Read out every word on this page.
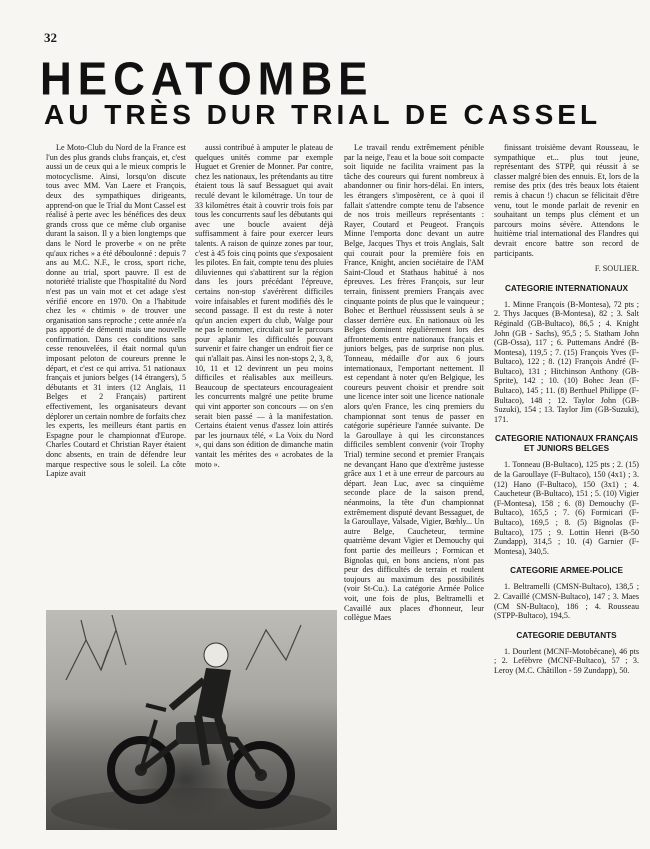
32
HECATOMBE
AU TRÈS DUR TRIAL DE CASSEL

Le Moto-Club du Nord de la France est l'un des plus grands clubs français, et, c'est aussi un de ceux qui a le mieux compris le motocyclisme. Ainsi, lorsqu'on discute tous avec MM. Van Laere et François, deux des sympathiques dirigeants, apprend-on que le Trial du Mont Cassel est réalisé à perte avec les bénéfices des deux grands cross que ce même club organise durant la saison. Il y a bien longtemps que dans le Nord le proverbe « on ne prête qu'aux riches » a été déboulonné : depuis 7 ans au M.C. N.F., le cross, sport riche, donne au trial, sport pauvre. Il est de notoriété trialiste que l'hospitalité du Nord n'est pas un vain mot et cet adage s'est vérifié encore en 1970. On a l'habitude chez les « chtimis » de trouver une organisation sans reproche ; cette année n'a pas apporté de démenti mais une nouvelle confirmation. Dans ces conditions sans cesse renouvelées, il était normal qu'un imposant peloton de coureurs prenne le départ, et c'est ce qui arriva. 51 nationaux français et juniors belges (14 étrangers), 5 débutants et 31 inters (12 Anglais, 11 Belges et 2 Français) partirent effectivement, les organisateurs devant déplorer un certain nombre de forfaits chez les experts, les meilleurs étant partis en Espagne pour le championnat d'Europe. Charles Coutard et Christian Rayer étaient donc absents, en train de défendre leur marque respective sous le soleil. La côte Lapize avait

aussi contribué à amputer le plateau de quelques unités comme par exemple Huguet et Grenier de Monner. Par contre, chez les nationaux, les prétendants au titre étaient tous là sauf Bessaguet qui avait reculé devant le kilométrage. Un tour de 33 kilomètres était à couvrir trois fois par tous les concurrents sauf les débutants qui avec une boucle avaient déjà suffisamment à faire pour exercer leurs talents. A raison de quinze zones par tour, c'est à 45 fois cinq points que s'exposaient les pilotes. En fait, compte tenu des pluies diluviennes qui s'abattirent sur la région dans les jours précédant l'épreuve, certains non-stop s'avérèrent difficiles voire infaisables et furent modifiés dès le second passage. Il est du reste à noter qu'un ancien expert du club, Walge pour ne pas le nommer, circulait sur le parcours pour aplanir les difficultés pouvant survenir et faire changer un endroit fier ce qui n'allait pas. Ainsi les non-stops 2, 3, 8, 10, 11 et 12 devinrent un peu moins difficiles et réalisables aux meilleurs. Beaucoup de spectateurs encourageaient les concurrents malgré une petite brume qui vint apporter son concours — on s'en serait bien passé — à la manifestation. Certains étaient venus d'assez loin attirés par les journaux télé, « La Voix du Nord », qui dans son édition de dimanche matin vantait les mérites des « acrobates de la moto ».

Le travail rendu extrêmement pénible par la neige, l'eau et la boue soit compacte soit liquide ne facilita vraiment pas la tâche des coureurs qui furent nombreux à abandonner ou finir hors-délai. En inters, les étrangers s'imposèrent, ce à quoi il fallait s'attendre compte tenu de l'absence de nos trois meilleurs représentants : Rayer, Coutard et Peugeot. François Minne l'emporta donc devant un autre Belge, Jacques Thys et trois Anglais, Salt qui courait pour la première fois en France, Knight, ancien sociétaire de l'AM Saint-Cloud et Stathaus habitué à nos épreuves. Les frères François, sur leur terrain, finissent premiers Français avec cinquante points de plus que le vainqueur ; Bohec et Berthuel réussissent seuls à se classer derrière eux. En nationaux où les Belges dominent régulièrement lors des affrontements entre nationaux français et juniors belges, pas de surprise non plus. Tonneau, médaille d'or aux 6 jours internationaux, l'emportant nettement. Il est cependant à noter qu'en Belgique, les coureurs peuvent choisir et prendre soit une licence inter soit une licence nationale alors qu'en France, les cinq premiers du championnat sont tenus de passer en catégorie supérieure l'année suivante. De la Garoullaye à qui les circonstances difficiles semblent convenir (voir Trophy Trial) termine second et premier Français ne devançant Hano que d'extrême justesse grâce aux 1 et à une erreur de parcours au départ. Jean Luc, avec sa cinquième seconde place de la saison prend, néanmoins, la tête d'un championnat extrêmement disputé devant Bessaguet, de la Garoullaye, Valsade, Vigier, Bœhly... Un autre Belge, Caucheteur, termine quatrième devant Vigier et Demouchy qui font partie des meilleurs ; Formican et Bignolas qui, en bons anciens, n'ont pas peur des difficultés de terrain et roulent toujours au maximum des possibilités (voir St-Cu.). La catégorie Armée Police voit, une fois de plus, Beltramelli et Cavaillé aux places d'honneur, leur collègue Maes

finissant troisième devant Rousseau, le sympathique et... plus tout jeune, représentant des STPP, qui réussit à se classer malgré bien des ennuis. Et, lors de la remise des prix (des très beaux lots étaient remis à chacun !) chacun se félicitait d'être venu, tout le monde parlait de revenir en souhaitant un temps plus clément et un parcours moins sévère. Attendons le huitième trial international des Flandres qui devrait encore battre son record de participants.

F. SOULIER.
CATEGORIE INTERNATIONAUX

1. Minne François (B-Montesa), 72 pts ; 2. Thys Jacques (B-Montesa), 82 ; 3. Salt Réginald (GB-Bultaco), 86,5 ; 4. Knight John (GB - Sachs), 95,5 ; 5. Statham John (GB-Ossa), 117 ; 6. Puttemans André (B-Montesa), 119,5 ; 7. (15) François Yves (F-Bultaco), 122 ; 8. (12) François André (F-Bultaco), 131 ; Hitchinson Anthony (GB-Sprite), 142 ; 10. (10) Bohec Jean (F-Bultaco), 145 ; 11. (8) Berthuel Philippe (F-Bultaco), 148 ; 12. Taylor John (GB-Suzuki), 154 ; 13. Taylor Jim (GB-Suzuki), 171.

CATEGORIE NATIONAUX FRANÇAIS ET JUNIORS BELGES

1. Tonneau (B-Bultaco), 125 pts ; 2. (15) de la Garoullaye (F-Bultaco), 150 (4x1) ; 3. (12) Hano (F-Bultaco), 150 (3x1) ; 4. Caucheteur (B-Bultaco), 151 ; 5. (10) Vigier (F-Montesa), 158 ; 6. (8) Demouchy (F-Bultaco), 165,5 ; 7. (6) Formicari (F-Bultaco), 169,5 ; 8. (5) Bignolas (F-Bultaco), 175 ; 9. Lottin Henri (B-50 Zundapp), 314,5 ; 10. (4) Garnier (F-Montesa), 340,5.

CATEGORIE ARMEE-POLICE

1. Beltramelli (CMSN-Bultaco), 138,5 ; 2. Cavaillé (CMSN-Bultaco), 147 ; 3. Maes (CM SN-Bultaco), 186 ; 4. Rousseau (STPP-Bultaco), 194,5.

CATEGORIE DEBUTANTS

1. Dourlent (MCNF-Motobécane), 46 pts ; 2. Lefèbvre (MCNF-Bultaco), 57 ; 3. Leroy (M.C. Châtillon - 59 Zundapp), 50.
